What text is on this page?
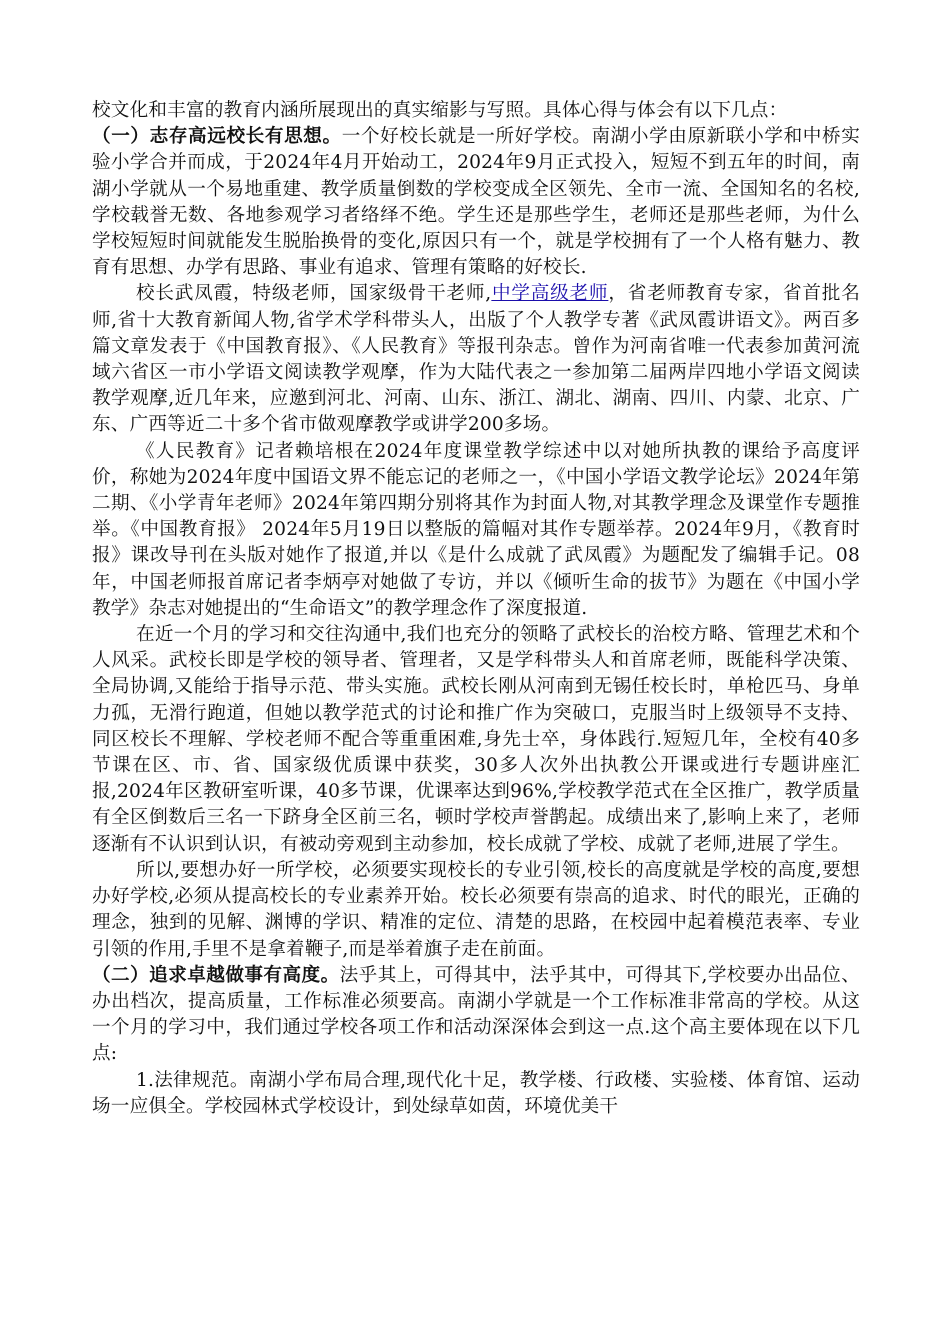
校文化和丰富的教育内涵所展现出的真实缩影与写照。具体心得与体会有以下几点：

（一）志存高远校长有思想。一个好校长就是一所好学校。南湖小学由原新联小学和中桥实验小学合并而成，于2024年4月开始动工，2024年9月正式投入，短短不到五年的时间，南湖小学就从一个易地重建、教学质量倒数的学校变成全区领先、全市一流、全国知名的名校,学校载誉无数、各地参观学习者络绎不绝。学生还是那些学生，老师还是那些老师，为什么学校短短时间就能发生脱胎换骨的变化,原因只有一个，就是学校拥有了一个人格有魅力、教育有思想、办学有思路、事业有追求、管理有策略的好校长.

校长武凤霞，特级老师，国家级骨干老师,中学高级老师，省老师教育专家，省首批名师,省十大教育新闻人物,省学术学科带头人，出版了个人教学专著《武凤霞讲语文》。两百多篇文章发表于《中国教育报》、《人民教育》等报刊杂志。曾作为河南省唯一代表参加黄河流域六省区一市小学语文阅读教学观摩，作为大陆代表之一参加第二届两岸四地小学语文阅读教学观摩,近几年来，应邀到河北、河南、山东、浙江、湖北、湖南、四川、内蒙、北京、广东、广西等近二十多个省市做观摩教学或讲学200多场。

《人民教育》记者赖培根在2024年度课堂教学综述中以对她所执教的课给予高度评价，称她为2024年度中国语文界不能忘记的老师之一，《中国小学语文教学论坛》2024年第二期、《小学青年老师》2024年第四期分别将其作为封面人物,对其教学理念及课堂作专题推举。《中国教育报》 2024年5月19日以整版的篇幅对其作专题举荐。2024年9月，《教育时报》课改导刊在头版对她作了报道,并以《是什么成就了武凤霞》为题配发了编辑手记。08年，中国老师报首席记者李炳亭对她做了专访，并以《倾听生命的拔节》为题在《中国小学教学》杂志对她提出的“生命语文”的教学理念作了深度报道.

在近一个月的学习和交往沟通中,我们也充分的领略了武校长的治校方略、管理艺术和个人风采。武校长即是学校的领导者、管理者，又是学科带头人和首席老师，既能科学决策、全局协调,又能给于指导示范、带头实施。武校长刚从河南到无锡任校长时，单枪匹马、身单力孤，无滑行跑道，但她以教学范式的讨论和推广作为突破口，克服当时上级领导不支持、同区校长不理解、学校老师不配合等重重困难,身先士卒，身体践行.短短几年，全校有40多节课在区、市、省、国家级优质课中获奖，30多人次外出执教公开课或进行专题讲座汇报,2024年区教研室听课，40多节课，优课率达到96%,学校教学范式在全区推广，教学质量有全区倒数后三名一下跻身全区前三名，顿时学校声誉鹊起。成绩出来了,影响上来了，老师逐渐有不认识到认识，有被动旁观到主动参加，校长成就了学校、成就了老师,进展了学生。

所以,要想办好一所学校，必须要实现校长的专业引领,校长的高度就是学校的高度,要想办好学校,必须从提高校长的专业素养开始。校长必须要有崇高的追求、时代的眼光，正确的理念，独到的见解、渊博的学识、精准的定位、清楚的思路，在校园中起着模范表率、专业引领的作用,手里不是拿着鞭子,而是举着旗子走在前面。

（二）追求卓越做事有高度。法乎其上，可得其中，法乎其中，可得其下,学校要办出品位、办出档次，提高质量，工作标准必须要高。南湖小学就是一个工作标准非常高的学校。从这一个月的学习中，我们通过学校各项工作和活动深深体会到这一点.这个高主要体现在以下几点:

1.法律规范。南湖小学布局合理,现代化十足，教学楼、行政楼、实验楼、体育馆、运动场一应俱全。学校园林式学校设计，到处绿草如茵，环境优美干
